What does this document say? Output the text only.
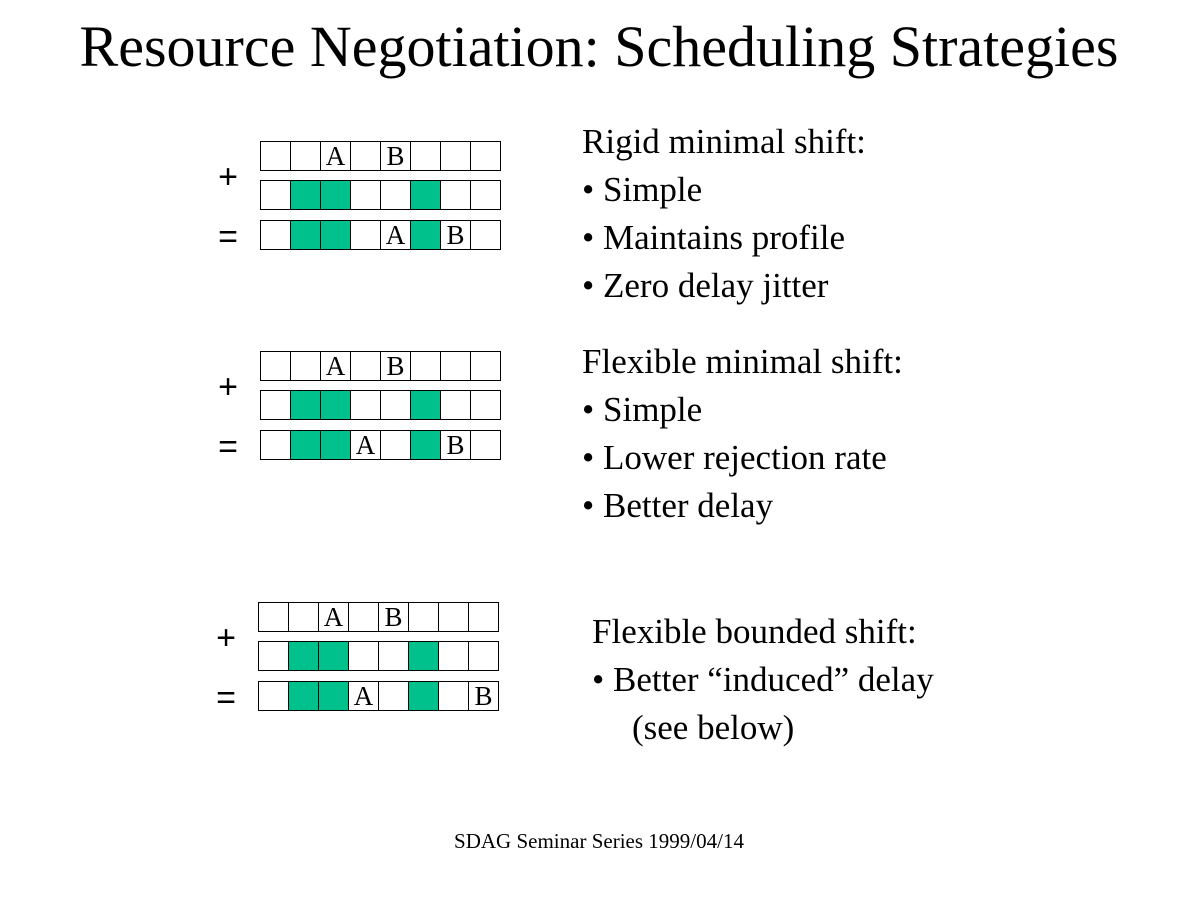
Resource Negotiation: Scheduling Strategies
+
=
A B
A B
Rigid minimal shift:
• Simple
• Maintains profile
• Zero delay jitter
+
=
A B
A	B
Flexible minimal shift:
• Simple
• Lower rejection rate
• Better delay
+
=
A B
A	B
Flexible bounded shift:
• Better “induced” delay
(see below)
SDAG Seminar Series 1999/04/14
